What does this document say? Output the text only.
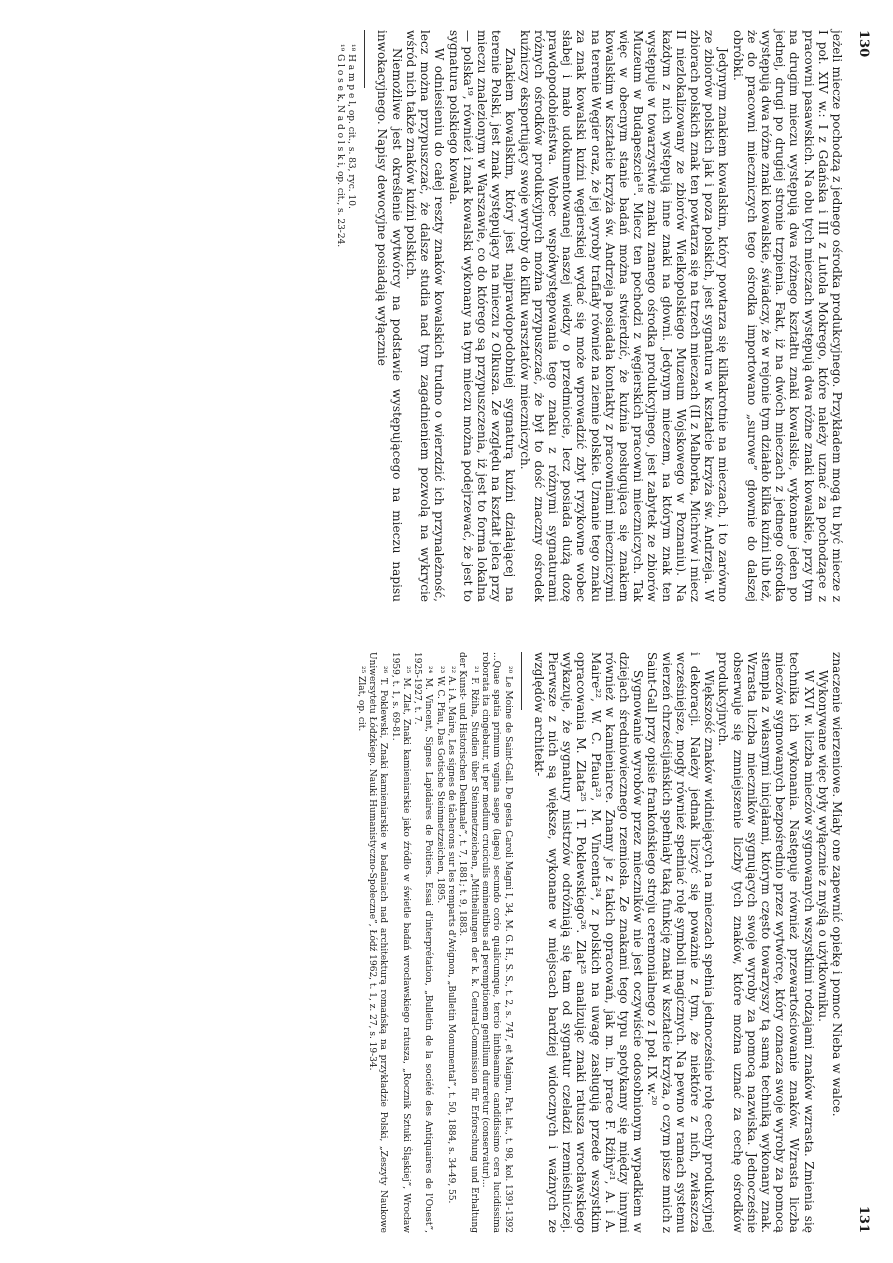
130

jeżeli miecze pochodzą z jednego ośrodka produkcyjnego. Przykładem mogą tu być miecze z I poł. XIV w.: I z Gdańska i III z Lutola Mokrego, które należy uznać za pochodzące z pracowni pasawskich. Na obu tych mieczach występują dwa różne znaki kowalskie, przy tym na drugim mieczu występują dwa różnego kształtu znaki kowalskie, wykonane jeden po jednej, drugi po drugiej stronie trzpienia. Fakt, iż na dwóch mieczach z jednego ośrodka występują dwa różne znaki kowalskie, świadczy, że w rejonie tym działało kilka kuźni lub też, że do pracowni mieczniczych tego ośrodka importowano „surowe” głownie do dalszej obróbki.

Jedynym znakiem kowalskim, który powtarza się kilkakrotnie na mieczach, i to zarówno ze zbiorów polskich jak i poza polskich, jest sygnatura w kształcie krzyża św. Andrzeja. W zbiorach polskich znak ten powtarza się na trzech mieczach (II z Malborka, Michrów i miecz II niezlokalizowany ze zbiorów Wielkopolskiego Muzeum Wojskowego w Poznaniu). Na każdym z nich występują inne znaki na głowni. Jedynym mieczem, na którym znak ten występuje w towarzystwie znaku znanego ośrodka produkcyjnego, jest zabytek ze zbiorów Muzeum w Budapeszcie¹⁸. Miecz ten pochodzi z węgierskich pracowni mieczniczych. Tak więc w obecnym stanie badań można stwierdzić, że kuźnia posługująca się znakiem kowalskim w kształcie krzyża św. Andrzeja posiadała kontakty z pracowniami mieczniczymi na terenie Węgier oraz, że jej wyroby trafiały również na ziemie polskie. Uznanie tego znaku za znak kowalski kuźni węgierskiej wydać się może wprowadzić zbyt ryzykowne wobec słabej i mało udokumentowanej naszej wiedzy o przedmiocie, lecz posiada dużą dozę prawdopodobieństwa. Wobec współwystępowania tego znaku z różnymi sygnaturami różnych ośrodków produkcyjnych można przypuszczać, że był to dość znaczny ośrodek kuźniczy eksportujący swoje wyroby do kilku warsztatów mieczniczych.

Znakiem kowalskim, który jest najprawdopodobniej sygnaturą kuźni działającej na terenie Polski, jest znak występujący na mieczu z Olkusza. Ze względu na kształt jelca przy mieczu znalezionym w Warszawie, co do którego są przypuszczenia, iż jest to forma lokalna — polska¹⁹, również i znak kowalski wykonany na tym mieczu można podejrzewać, że jest to sygnatura polskiego kowala.

W odniesieniu do całej reszty znaków kowalskich trudno o wierzdzić ich przynależność, lecz można przypuszczać, że dalsze studia nad tym zagadnieniem pozwolą na wykrycie wśród nich także znaków kuźni polskich.

Niemożliwe jest określenie wytwórcy na podstawie występującego na mieczu napisu inwokacyjnego. Napisy dewocyjne posiadają wyłącznie

¹⁸ H a m p e l, op. cit., s. 83, ryc. 10.

¹⁹ G l o s e k, N a d o l s k i, op. cit., s. 23-24.

131

znaczenie wierzeniowe. Miały one zapewnić opiekę i pomoc Nieba w walce.

Wykonywane więc były wyłącznie z myślą o użytkowniku.

W XVI w. liczba mieczów sygnowanych wszystkimi rodzajami znaków wzrasta. Zmienia się technika ich wykonania. Następuje również przewartościowanie znaków. Wzrasta liczba mieczów sygnowanych bezpośrednio przez wytwórcę, który oznacza swoje wyroby za pomocą stempla z własnymi inicjałami, którym często towarzyszy tą samą techniką wykonany znak. Wzrasta liczba mieczników sygnujących swoje wyroby za pomocą nazwiska. Jednocześnie obserwuje się zmniejszenie liczby tych znaków, które można uznać za cechę ośrodków produkcyjnych.

Większość znaków widniejących na mieczach spełnia jednocześnie rolę cechy produkcyjnej i dekoracji. Należy jednak liczyć się poważnie z tym, że niektóre z nich, zwłaszcza wcześniejsze, mogły również spełniać rolę symboli magicznych. Na pewno w ramach systemu wierzeń chrześcijańskich spełniały taką funkcję znaki w kształcie krzyża, o czym pisze mnich z Saint-Gall przy opisie frankońskiego stroju ceremonialnego z I poł. IX w.²⁰

Sygnowanie wyrobów przez mieczników nie jest oczywiście odosobnionym wypadkiem w dziejach średniowiecznego rzemiosła. Ze znakami tego typu spotykamy się między innymi również w kamieniarce. Znamy je z takich opracowań, jak m. in. prace F. Rźihy²¹, A. i A. Maire²², W. C. Pfaua²³, M. Vincenta²⁴, z polskich na uwagę zasługują przede wszystkim opracowania M. Zlata²⁵ i T. Poklewskiego²⁶. Zlat²⁵ analizując znaki ratusza wrocławskiego wykazuje, że sygnatury mistrzów odróżniają się tam od sygnatur czeladzi rzemieślniczej. Pierwsze z nich są większe, wykonane w miejscach bardziej widocznych i ważnych ze względów architekt-

²⁰ Le Moine de Saint-Gall. De gesta Caroli Magni I, 34, M. G. H., S. S., t. 2, s. 747, et Maignu, Pat. lat., t. 98, kol. 1391-1392 ...Quae spatia primum vagina saepe (lagea) secundo corio qualicumque, tercio lintheamine candidissimo cera lucidissima roborata ita cingebatur, ut per medium cruciculis eminentibus ad peremptionem gentilium duraretur (conservatur)...

²¹ F. Rźiha, Studien über Steinmetzzeichen, „Mittheilungen der k. k. Central-Commission für Erforschung und Erhaltung der Kunst- und Historischen Denkmale”, t. 7, 1881; t. 9, 1883.

²² A. i A. Maire, Les signes de tâcherons sur les remparts d'Avignon, „Bulletin Monumental”, t. 50, 1884, s. 34-49, 55.

²³ W. C. Pfau, Das Gotische Steinmetzzeichen, 1895.

²⁴ M. Vincent, Signes Lapidaires de Poitiers. Essai d'interprétation, „Bulletin de la société des Antiquaires de l'Ouest”, 1925-1927, t. 7.

²⁵ M. Zlat, Znaki kamieniarskie jako źródło w świetle badań wrocławskiego ratusza, „Rocznik Sztuki Śląskiej”, Wrocław 1959, t. 1, s. 69-81.

²⁶ T. Poklewski, Znaki kamieniarskie w badaniach nad architekturą romańską na przykładzie Polski, „Zeszyty Naukowe Uniwersytetu Łódzkiego. Nauki Humanistyczno-Społeczne”, Łódź 1962, t. 1, z. 27, s. 19-34.

²⁵ Zlat, op. cit.
